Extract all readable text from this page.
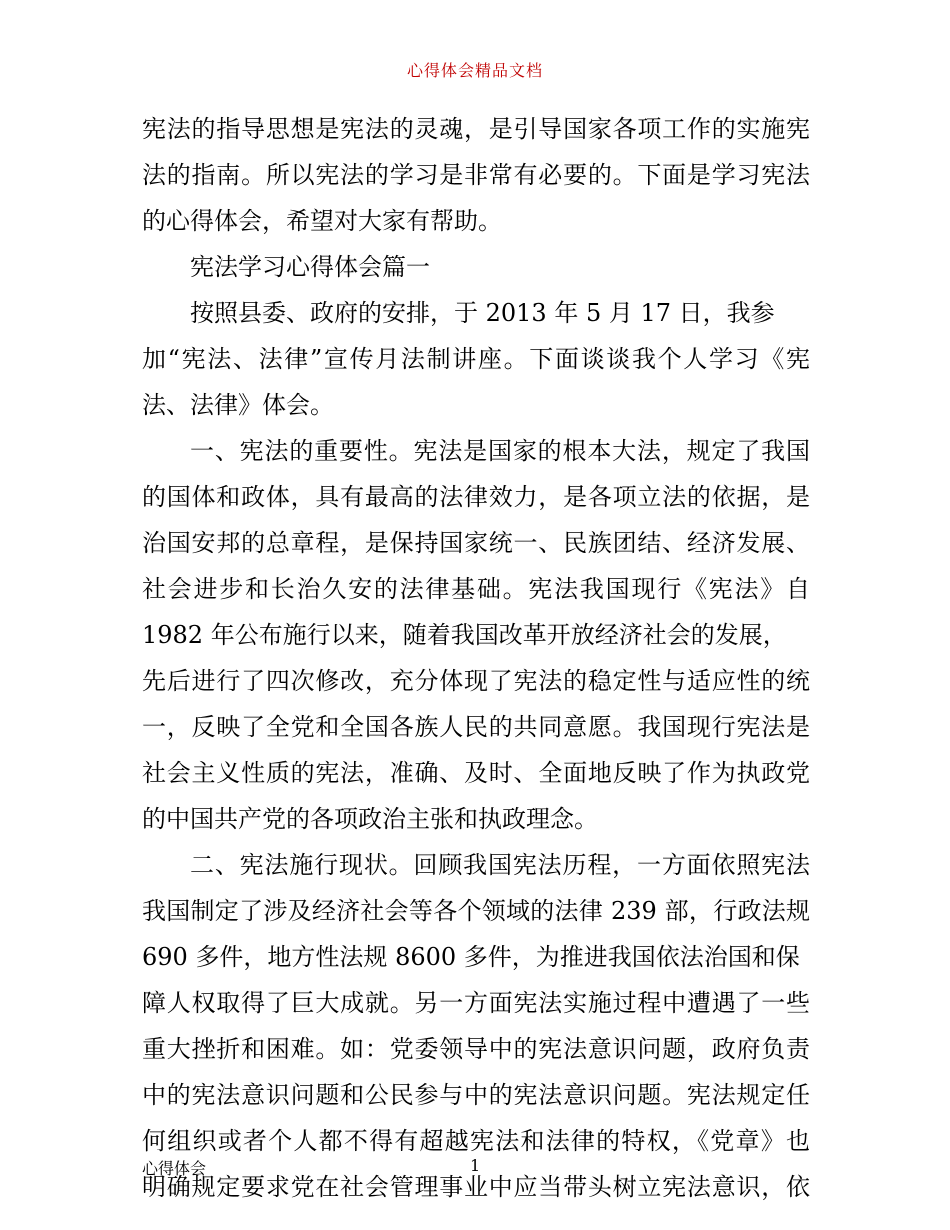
心得体会精品文档
宪法的指导思想是宪法的灵魂，是引导国家各项工作的实施宪
法的指南。所以宪法的学习是非常有必要的。下面是学习宪法
的心得体会，希望对大家有帮助。
宪法学习心得体会篇一
按照县委、政府的安排，于 2013 年 5 月 17 日，我参
加“宪法、法律”宣传月法制讲座。下面谈谈我个人学习《宪
法、法律》体会。
一、宪法的重要性。宪法是国家的根本大法，规定了我国
的国体和政体，具有最高的法律效力，是各项立法的依据，是
治国安邦的总章程，是保持国家统一、民族团结、经济发展、
社会进步和长治久安的法律基础。宪法我国现行《宪法》自
1982 年公布施行以来，随着我国改革开放经济社会的发展，
先后进行了四次修改，充分体现了宪法的稳定性与适应性的统
一，反映了全党和全国各族人民的共同意愿。我国现行宪法是
社会主义性质的宪法，准确、及时、全面地反映了作为执政党
的中国共产党的各项政治主张和执政理念。
二、宪法施行现状。回顾我国宪法历程，一方面依照宪法
我国制定了涉及经济社会等各个领域的法律 239 部，行政法规
690 多件，地方性法规 8600 多件，为推进我国依法治国和保
障人权取得了巨大成就。另一方面宪法实施过程中遭遇了一些
重大挫折和困难。如：党委领导中的宪法意识问题，政府负责
中的宪法意识问题和公民参与中的宪法意识问题。宪法规定任
何组织或者个人都不得有超越宪法和法律的特权，《党章》也
明确规定要求党在社会管理事业中应当带头树立宪法意识，依
心得体会	1
